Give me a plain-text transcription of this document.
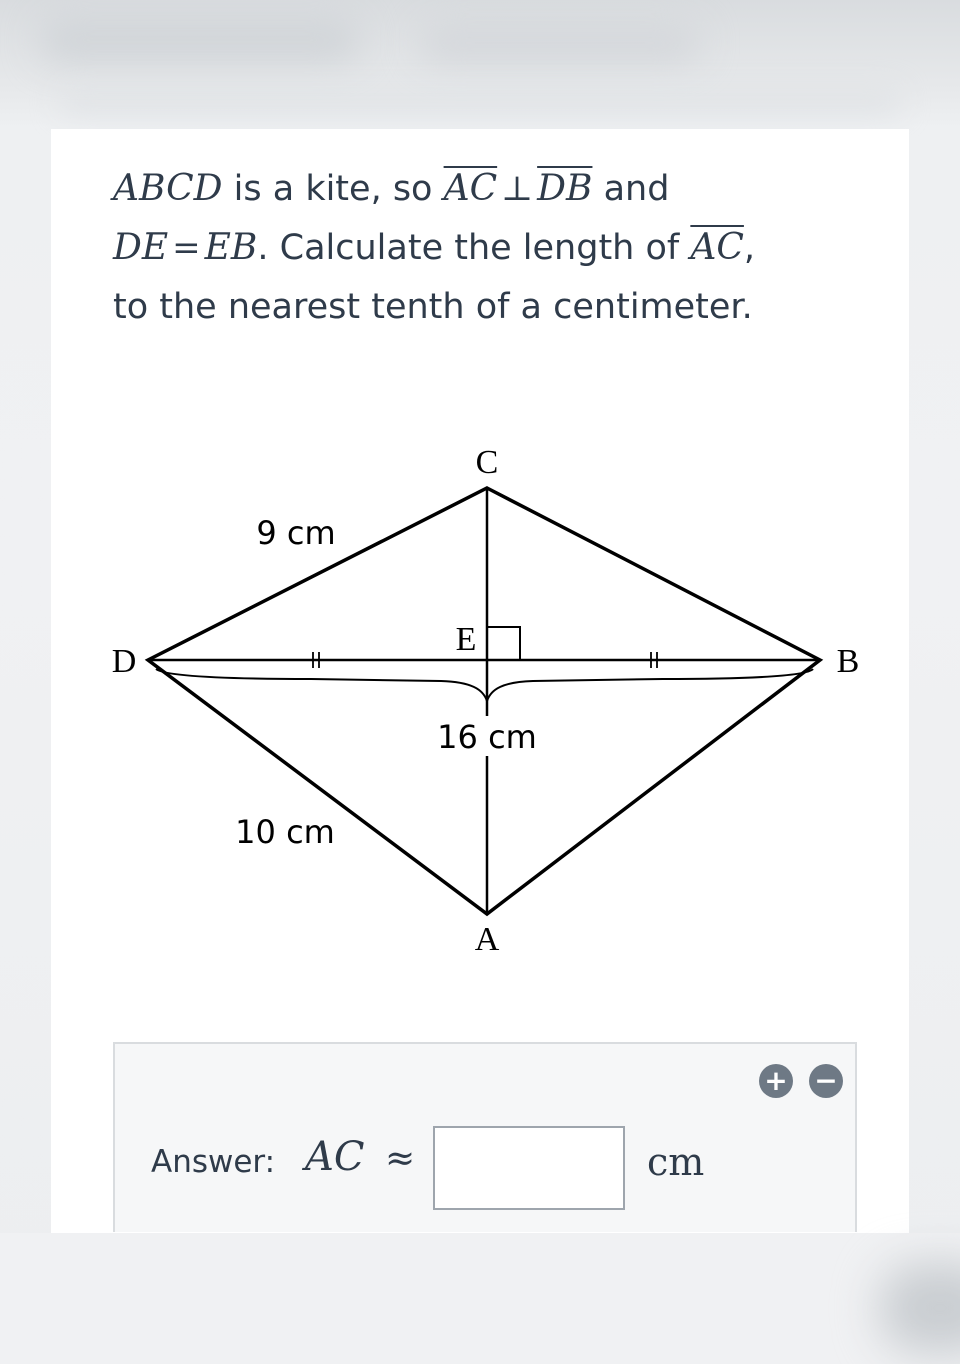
ABCD is a kite, so $\overline{AC}$ ⊥ $\overline{DB}$ and
DE = EB. Calculate the length of $\overline{AC}$,
to the nearest tenth of a centimeter.
C
B
D
A
E
9 cm
10 cm
16 cm
+ −
Answer: AC ≈	cm
